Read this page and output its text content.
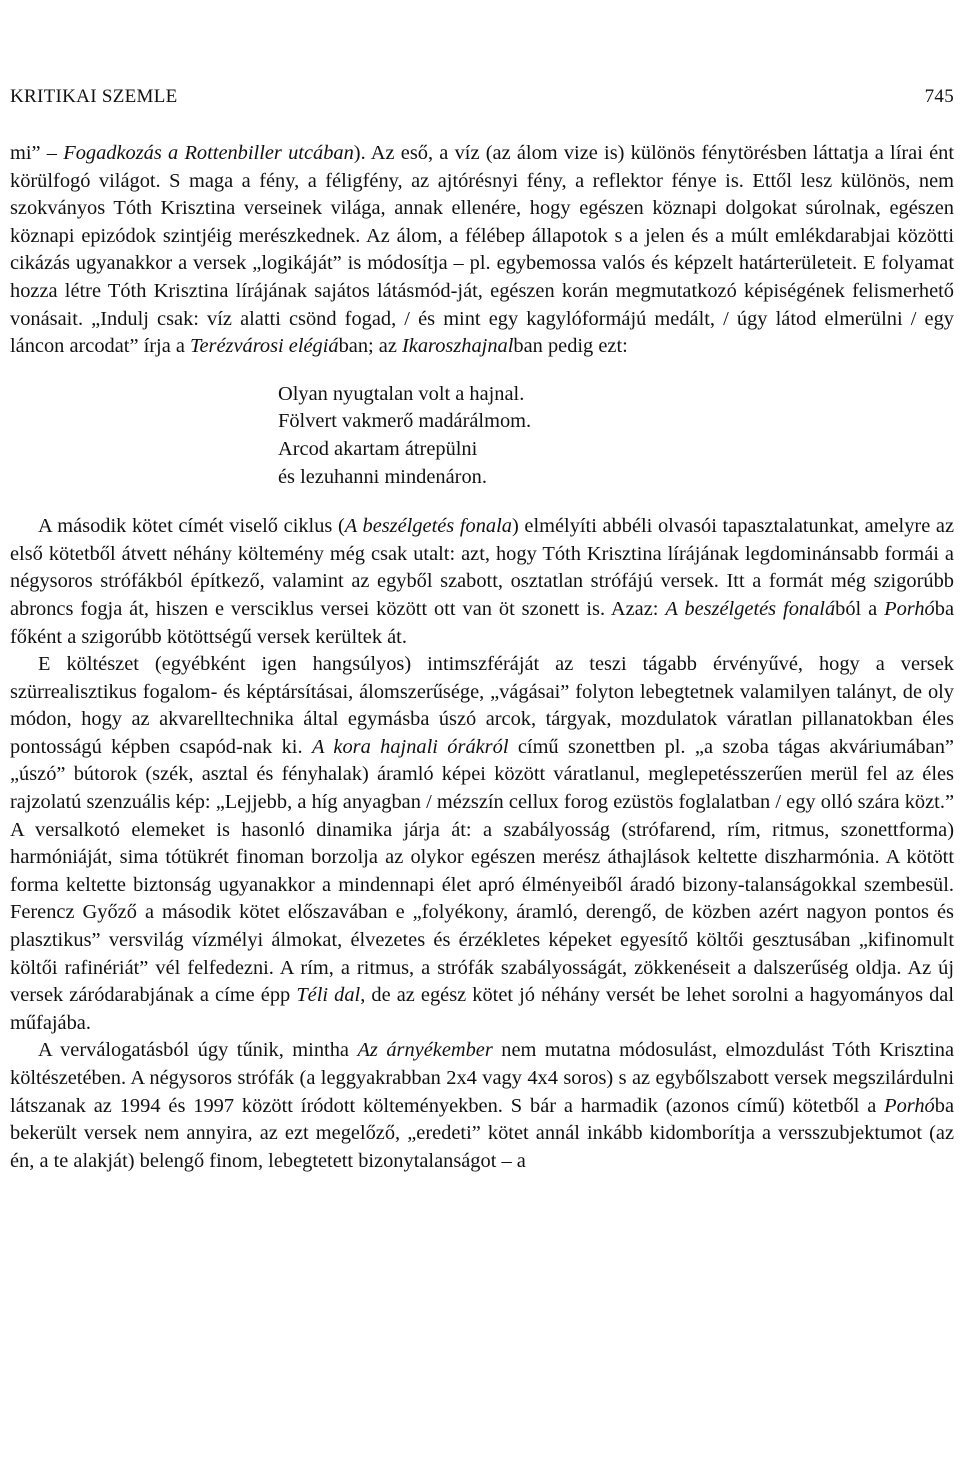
KRITIKAI SZEMLE	745

mi” – Fogadkozás a Rottenbiller utcában). Az eső, a víz (az álom vize is) különös fénytörésben láttatja a lírai ént körülfogó világot. S maga a fény, a féligfény, az ajtórésnyi fény, a reflektor fénye is. Ettől lesz különös, nem szokványos Tóth Krisztina verseinek világa, annak ellenére, hogy egészen köznapi dolgokat súrolnak, egészen köznapi epizódok szintjéig merészkednek. Az álom, a félébер állapotok s a jelen és a múlt emlékdarabjai közötti cikázás ugyanakkor a versek „logikáját” is módosítja – pl. egybemossa valós és képzelt határterületeit. E folyamat hozza létre Tóth Krisztina lírájának sajátos látásmód-ját, egészen korán megmutatkozó képiségének felismerhető vonásait. „Indulj csak: víz alatti csönd fogad, / és mint egy kagylóformájú medált, / úgy látod elmerülni / egy láncon arcodat” írja a Terézvárosi elégiában; az Ikaroszhajnalban pedig ezt:

Olyan nyugtalan volt a hajnal.
Fölvert vakmerő madárálmom.
Arcod akartam átrepülni
és lezuhanni mindenáron.

A második kötet címét viselő ciklus (A beszélgetés fonala) elmélyíti abbéli olvasói tapasztalatunkat, amelyre az első kötetből átvett néhány költemény még csak utalt: azt, hogy Tóth Krisztina lírájának legdominánsabb formái a négysoros strófákból építkező, valamint az egyből szabott, osztatlan strófájú versek. Itt a formát még szigorúbb abroncs fogja át, hiszen e versciklus versei között ott van öt szonett is. Azaz: A beszélgetés fonalából a Porhóba főként a szigorúbb kötöttségű versek kerültek át.

E költészet (egyébként igen hangsúlyos) intimszféráját az teszi tágabb érvényűvé, hogy a versek szürrealisztikus fogalom- és képtársításai, álomszerűsége, „vágásai” folyton lebegtetnek valamilyen talányt, de oly módon, hogy az akvarelltechnika által egymásba úszó arcok, tárgyak, mozdulatok váratlan pillanatokban éles pontosságú képben csapód-nak ki. A kora hajnali órákról című szonettben pl. „a szoba tágas akváriumában” „úszó” bútorok (szék, asztal és fényhalak) áramló képei között váratlanul, meglepetésszerűen merül fel az éles rajzolatú szenzuális kép: „Lejjebb, a híg anyagban / mézszín cellux forog ezüstös foglalatban / egy olló szára közt.” A versalkotó elemeket is hasonló dinamika járja át: a szabályosság (strófarend, rím, ritmus, szonettforma) harmóniáját, sima tótükrét finoman borzolja az olykor egészen merész áthajlások keltette diszharmónia. A kötött forma keltette biztonság ugyanakkor a mindennapi élet apró élményeiből áradó bizony-talanságokkal szembesül. Ferencz Győző a második kötet előszavában e „folyékony, áramló, derengő, de közben azért nagyon pontos és plasztikus” versvilág vízmélyi álmokat, élvezetes és érzékletes képeket egyesítő költői gesztusában „kifinomult költői rafinériát” vél felfedezni. A rím, a ritmus, a strófák szabályosságát, zökkenéseit a dalszerűség oldja. Az új versek záródarabjának a címe épp Téli dal, de az egész kötet jó néhány versét be lehet sorolni a hagyományos dal műfajába.

A verválogatásból úgy tűnik, mintha Az árnyékember nem mutatna módosulást, elmozdulást Tóth Krisztina költészetében. A négysoros strófák (a leggyakrabban 2x4 vagy 4x4 soros) s az egybőlszabott versek megszilárdulni látszanak az 1994 és 1997 között íródott költeményekben. S bár a harmadik (azonos című) kötetből a Porhóba bekerült versek nem annyira, az ezt megelőző, „eredeti” kötet annál inkább kidomborítja a versszubjektumot (az én, a te alakját) belengő finom, lebegtetett bizonytalanságot – a
